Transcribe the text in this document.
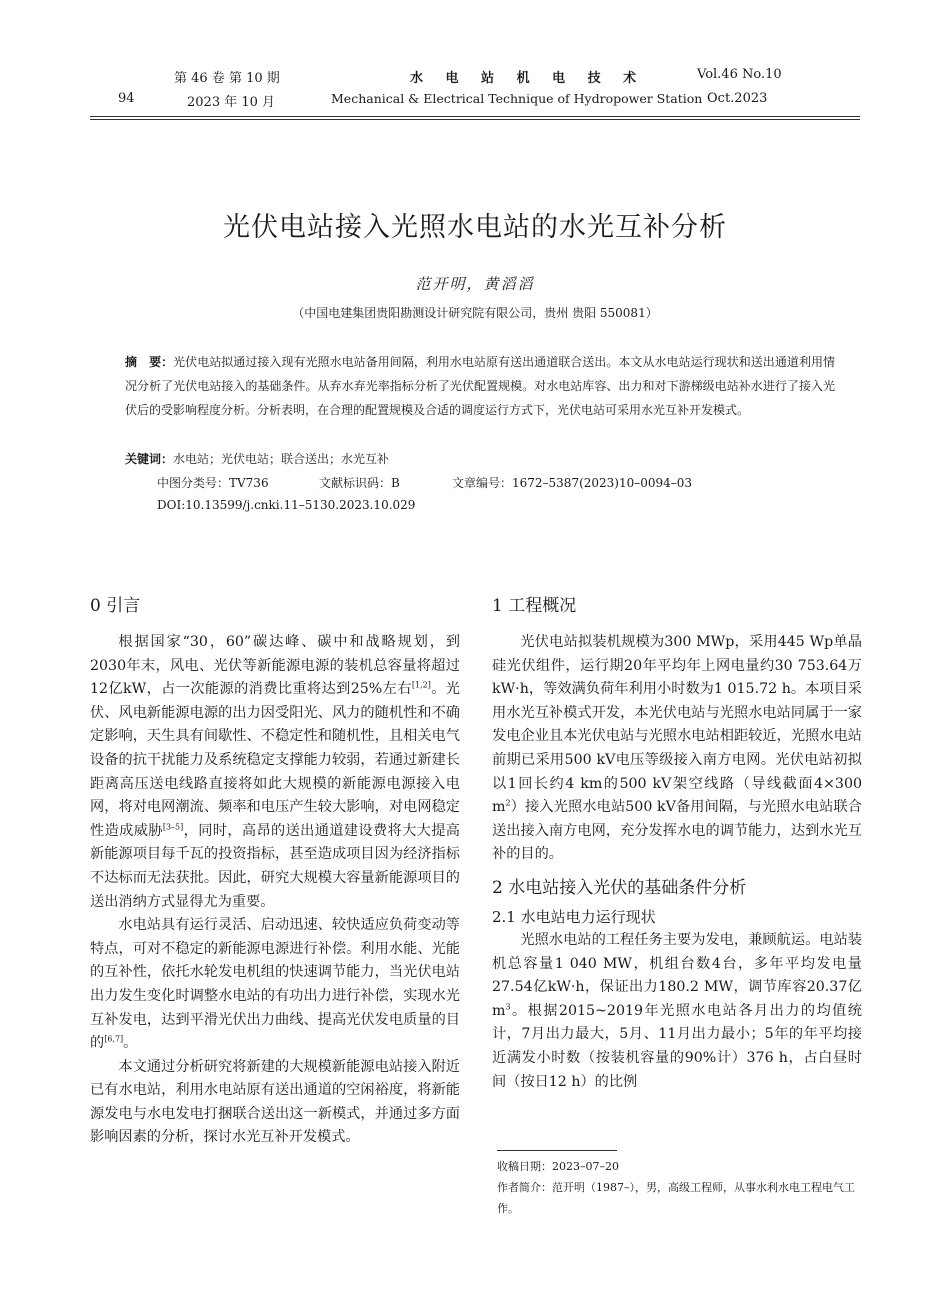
94
第 46 卷 第 10 期
2023 年 10 月
水 电 站 机 电 技 术
Mechanical & Electrical Technique of Hydropower Station
Vol.46 No.10
Oct.2023
光伏电站接入光照水电站的水光互补分析
范开明，黄滔滔
（中国电建集团贵阳勘测设计研究院有限公司，贵州 贵阳 550081）
摘　要：光伏电站拟通过接入现有光照水电站备用间隔，利用水电站原有送出通道联合送出。本文从水电站运行现状和送出通道利用情况分析了光伏电站接入的基础条件。从弃水弃光率指标分析了光伏配置规模。对水电站库容、出力和对下游梯级电站补水进行了接入光伏后的受影响程度分析。分析表明，在合理的配置规模及合适的调度运行方式下，光伏电站可采用水光互补开发模式。
关键词：水电站；光伏电站；联合送出；水光互补
中图分类号：TV736	文献标识码：B	文章编号：1672–5387(2023)10–0094–03
DOI:10.13599/j.cnki.11–5130.2023.10.029
0 引言

根据国家“30，60”碳达峰、碳中和战略规划，到2030年末，风电、光伏等新能源电源的装机总容量将超过12亿kW，占一次能源的消费比重将达到25%左右[1,2]。光伏、风电新能源电源的出力因受阳光、风力的随机性和不确定影响，天生具有间歇性、不稳定性和随机性，且相关电气设备的抗干扰能力及系统稳定支撑能力较弱，若通过新建长距离高压送电线路直接将如此大规模的新能源电源接入电网，将对电网潮流、频率和电压产生较大影响，对电网稳定性造成威胁[3–5]，同时，高昂的送出通道建设费将大大提高新能源项目每千瓦的投资指标，甚至造成项目因为经济指标不达标而无法获批。因此，研究大规模大容量新能源项目的送出消纳方式显得尤为重要。

水电站具有运行灵活、启动迅速、较快适应负荷变动等特点，可对不稳定的新能源电源进行补偿。利用水能、光能的互补性，依托水轮发电机组的快速调节能力，当光伏电站出力发生变化时调整水电站的有功出力进行补偿，实现水光互补发电，达到平滑光伏出力曲线、提高光伏发电质量的目的[6,7]。

本文通过分析研究将新建的大规模新能源电站接入附近已有水电站，利用水电站原有送出通道的空闲裕度，将新能源发电与水电发电打捆联合送出这一新模式，并通过多方面影响因素的分析，探讨水光互补开发模式。

1 工程概况

光伏电站拟装机规模为300 MWp，采用445 Wp单晶硅光伏组件，运行期20年平均年上网电量约30 753.64万kW·h，等效满负荷年利用小时数为1 015.72 h。本项目采用水光互补模式开发，本光伏电站与光照水电站同属于一家发电企业且本光伏电站与光照水电站相距较近，光照水电站前期已采用500 kV电压等级接入南方电网。光伏电站初拟以1回长约4 km的500 kV架空线路（导线截面4×300 $m^2$）接入光照水电站500 kV备用间隔，与光照水电站联合送出接入南方电网，充分发挥水电的调节能力，达到水光互补的目的。

2 水电站接入光伏的基础条件分析
2.1 水电站电力运行现状

光照水电站的工程任务主要为发电，兼顾航运。电站装机总容量1 040 MW，机组台数4台，多年平均发电量27.54亿kW·h，保证出力180.2 MW，调节库容20.37亿$m^3$。根据2015~2019年光照水电站各月出力的均值统计，7月出力最大，5月、11月出力最小；5年的年平均接近满发小时数（按装机容量的90%计）376 h，占白昼时间（按日12 h）的比例

收稿日期：2023–07–20
作者简介：范开明（1987–），男，高级工程师，从事水利水电工程电气工作。
